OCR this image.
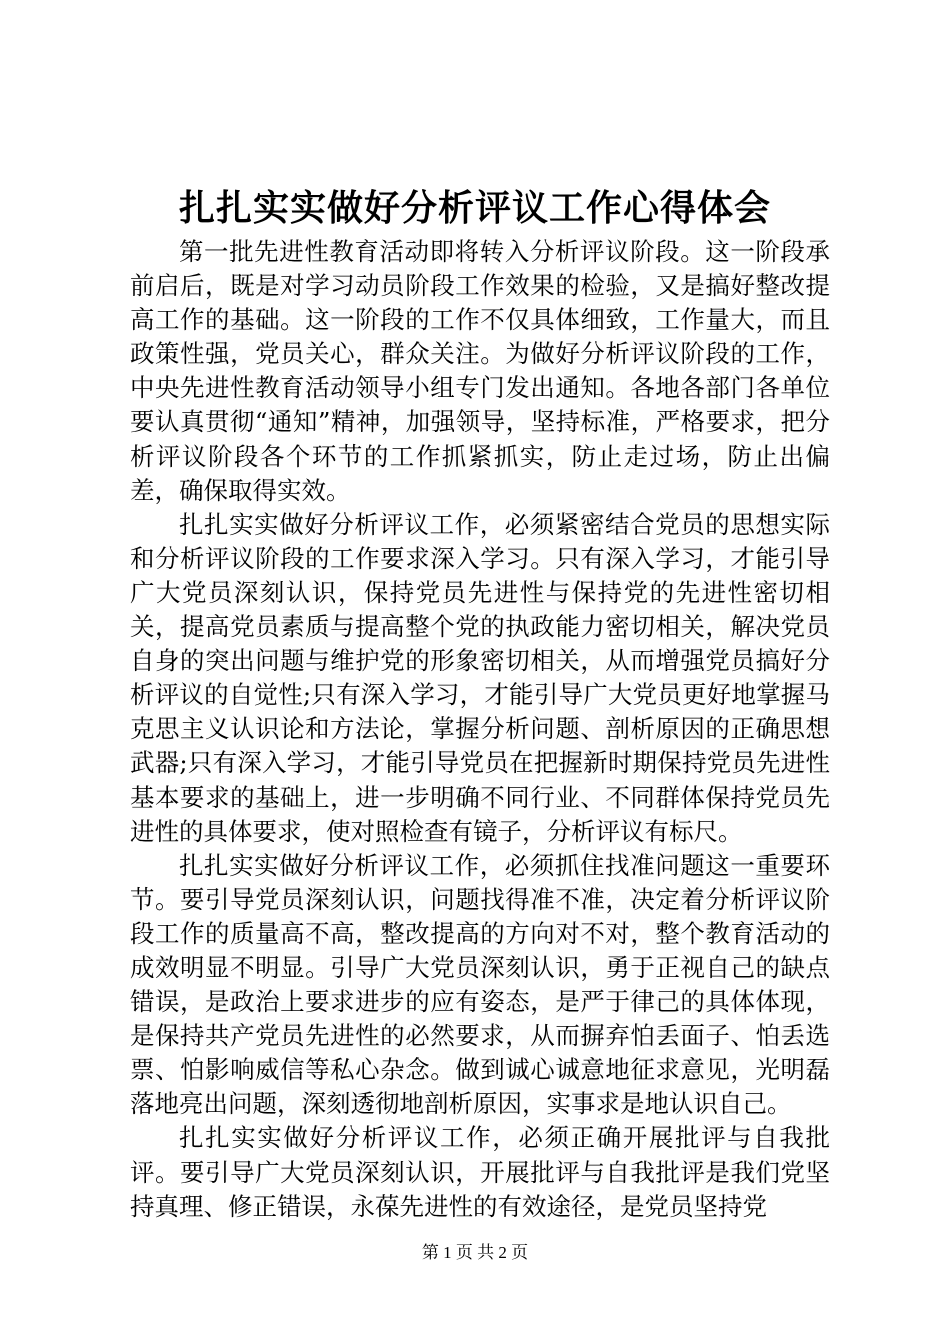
扎扎实实做好分析评议工作心得体会

第一批先进性教育活动即将转入分析评议阶段。这一阶段承前启后，既是对学习动员阶段工作效果的检验，又是搞好整改提高工作的基础。这一阶段的工作不仅具体细致，工作量大，而且政策性强，党员关心，群众关注。为做好分析评议阶段的工作，中央先进性教育活动领导小组专门发出通知。各地各部门各单位要认真贯彻“通知”精神，加强领导，坚持标准，严格要求，把分析评议阶段各个环节的工作抓紧抓实，防止走过场，防止出偏差，确保取得实效。

扎扎实实做好分析评议工作，必须紧密结合党员的思想实际和分析评议阶段的工作要求深入学习。只有深入学习，才能引导广大党员深刻认识，保持党员先进性与保持党的先进性密切相关，提高党员素质与提高整个党的执政能力密切相关，解决党员自身的突出问题与维护党的形象密切相关，从而增强党员搞好分析评议的自觉性;只有深入学习，才能引导广大党员更好地掌握马克思主义认识论和方法论，掌握分析问题、剖析原因的正确思想武器;只有深入学习，才能引导党员在把握新时期保持党员先进性基本要求的基础上，进一步明确不同行业、不同群体保持党员先进性的具体要求，使对照检查有镜子，分析评议有标尺。

扎扎实实做好分析评议工作，必须抓住找准问题这一重要环节。要引导党员深刻认识，问题找得准不准，决定着分析评议阶段工作的质量高不高，整改提高的方向对不对，整个教育活动的成效明显不明显。引导广大党员深刻认识，勇于正视自己的缺点错误，是政治上要求进步的应有姿态，是严于律己的具体体现，是保持共产党员先进性的必然要求，从而摒弃怕丢面子、怕丢选票、怕影响威信等私心杂念。做到诚心诚意地征求意见，光明磊落地亮出问题，深刻透彻地剖析原因，实事求是地认识自己。

扎扎实实做好分析评议工作，必须正确开展批评与自我批评。要引导广大党员深刻认识，开展批评与自我批评是我们党坚持真理、修正错误，永葆先进性的有效途径，是党员坚持党

第 1 页 共 2 页
